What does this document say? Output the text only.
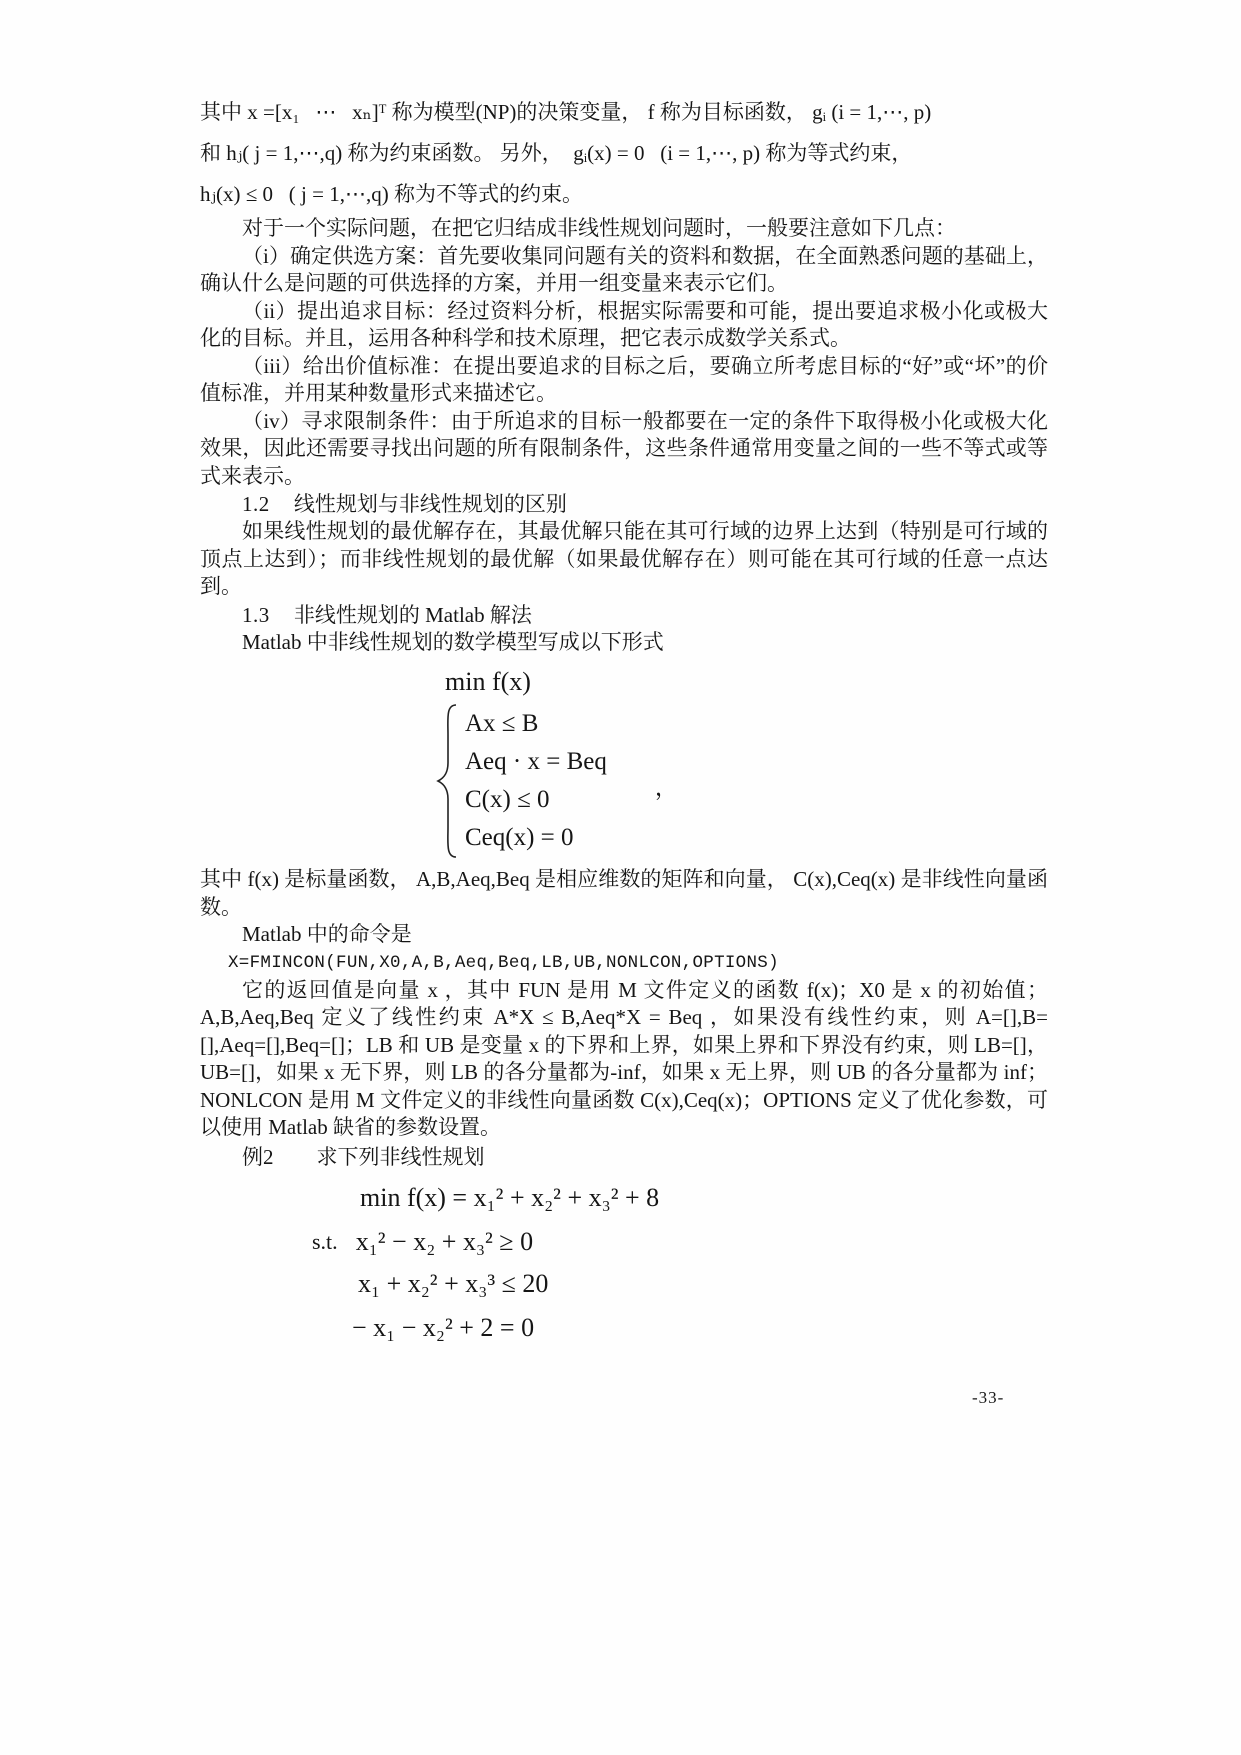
其中 x =[x₁   ⋯   xₙ]ᵀ 称为模型(NP)的决策变量， f 称为目标函数， gᵢ (i = 1,⋯, p)
和 hⱼ( j = 1,⋯,q) 称为约束函数。 另外，  gᵢ(x) = 0   (i = 1,⋯, p) 称为等式约束，
hⱼ(x) ≤ 0   ( j = 1,⋯,q) 称为不等式的约束。

对于一个实际问题，在把它归结成非线性规划问题时，一般要注意如下几点：

（i）确定供选方案：首先要收集同问题有关的资料和数据，在全面熟悉问题的基础上，确认什么是问题的可供选择的方案，并用一组变量来表示它们。

（ii）提出追求目标：经过资料分析，根据实际需要和可能，提出要追求极小化或极大化的目标。并且，运用各种科学和技术原理，把它表示成数学关系式。

（iii）给出价值标准：在提出要追求的目标之后，要确立所考虑目标的“好”或“坏”的价值标准，并用某种数量形式来描述它。

（iv）寻求限制条件：由于所追求的目标一般都要在一定的条件下取得极小化或极大化效果，因此还需要寻找出问题的所有限制条件，这些条件通常用变量之间的一些不等式或等式来表示。

1.2 线性规划与非线性规划的区别

如果线性规划的最优解存在，其最优解只能在其可行域的边界上达到（特别是可行域的顶点上达到）；而非线性规划的最优解（如果最优解存在）则可能在其可行域的任意一点达到。

1.3 非线性规划的 Matlab 解法

Matlab 中非线性规划的数学模型写成以下形式

min f(x)
Ax ≤ B
Aeq · x = Beq
C(x) ≤ 0
Ceq(x) = 0
，

其中 f(x) 是标量函数， A,B,Aeq,Beq 是相应维数的矩阵和向量， C(x),Ceq(x) 是非线性向量函数。

Matlab 中的命令是

X=FMINCON(FUN,X0,A,B,Aeq,Beq,LB,UB,NONLCON,OPTIONS)

它的返回值是向量 x ，其中 FUN 是用 M 文件定义的函数 f(x)；X0 是 x 的初始值；A,B,Aeq,Beq 定义了线性约束 A*X ≤ B,Aeq*X = Beq ，如果没有线性约束，则 A=[],B=[],Aeq=[],Beq=[]；LB 和 UB 是变量 x 的下界和上界，如果上界和下界没有约束，则 LB=[]，UB=[]，如果 x 无下界，则 LB 的各分量都为-inf，如果 x 无上界，则 UB 的各分量都为 inf；NONLCON 是用 M 文件定义的非线性向量函数 C(x),Ceq(x)；OPTIONS 定义了优化参数，可以使用 Matlab 缺省的参数设置。

例2 求下列非线性规划

min f(x) = x₁² + x₂² + x₃² + 8
s.t. x₁² − x₂ + x₃² ≥ 0
x₁ + x₂² + x₃³ ≤ 20
− x₁ − x₂² + 2 = 0
-33-
